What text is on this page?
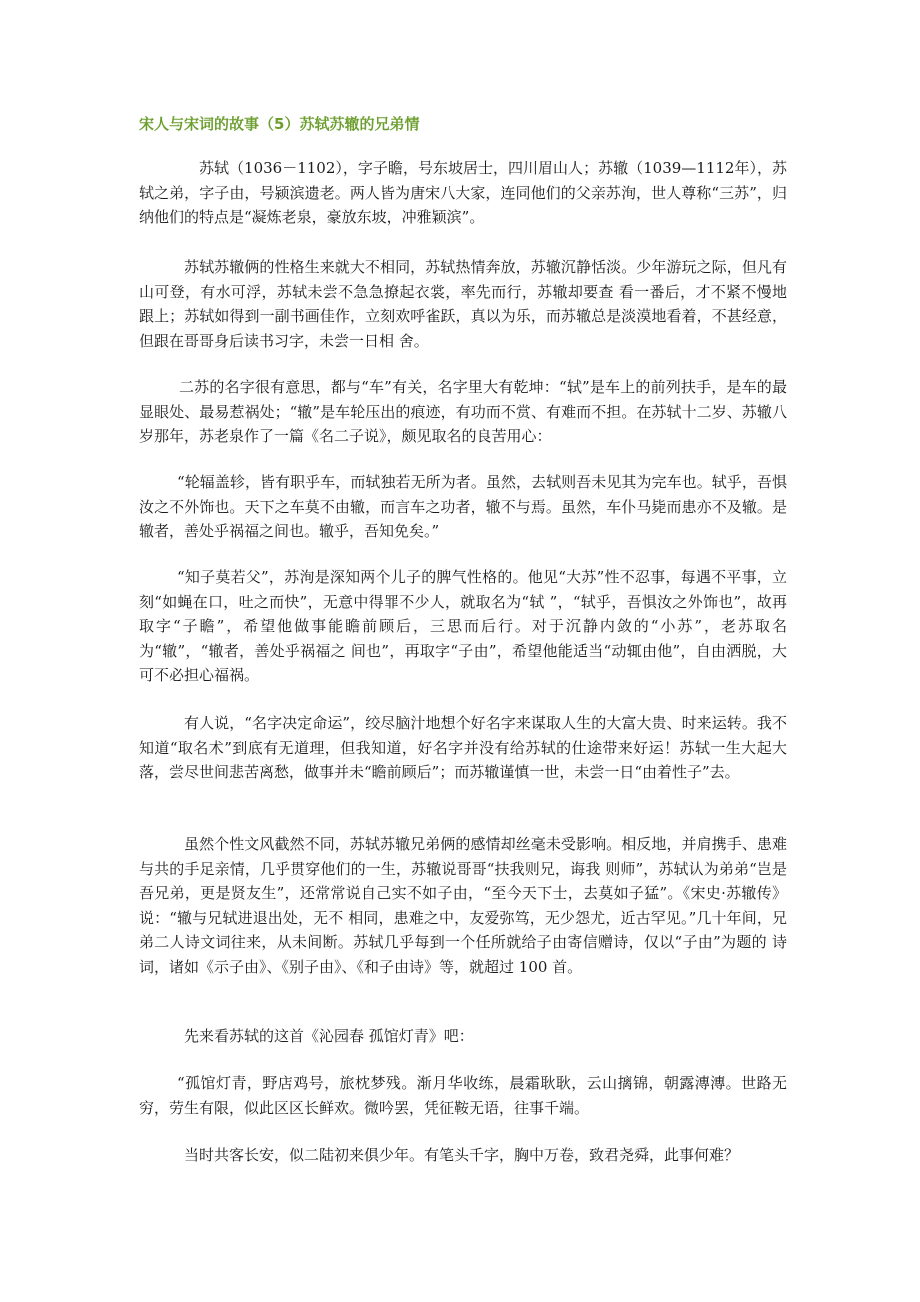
宋人与宋词的故事（5）苏轼苏辙的兄弟情

苏轼（1036－1102），字子瞻，号东坡居士，四川眉山人；苏辙（1039—1112年），苏轼之弟，字子由，号颍滨遗老。两人皆为唐宋八大家，连同他们的父亲苏洵，世人尊称“三苏”，归纳他们的特点是“凝炼老泉，豪放东坡，冲雅颖滨”。

苏轼苏辙俩的性格生来就大不相同，苏轼热情奔放，苏辙沉静恬淡。少年游玩之际，但凡有山可登，有水可浮，苏轼未尝不急急撩起衣裳，率先而行，苏辙却要查 看一番后，才不紧不慢地跟上；苏轼如得到一副书画佳作，立刻欢呼雀跃，真以为乐，而苏辙总是淡漠地看着，不甚经意，但跟在哥哥身后读书习字，未尝一日相 舍。

二苏的名字很有意思，都与“车”有关，名字里大有乾坤：“轼”是车上的前列扶手，是车的最显眼处、最易惹祸处；“辙”是车轮压出的痕迹，有功而不赏、有难而不担。在苏轼十二岁、苏辙八岁那年，苏老泉作了一篇《名二子说》，颇见取名的良苦用心：

“轮辐盖轸，皆有职乎车，而轼独若无所为者。虽然，去轼则吾未见其为完车也。轼乎，吾惧汝之不外饰也。天下之车莫不由辙，而言车之功者，辙不与焉。虽然，车仆马毙而患亦不及辙。是辙者，善处乎祸福之间也。辙乎，吾知免矣。”

“知子莫若父”，苏洵是深知两个儿子的脾气性格的。他见“大苏”性不忍事，每遇不平事，立刻“如蝇在口，吐之而快”，无意中得罪不少人，就取名为“轼 ”，“轼乎，吾惧汝之外饰也”，故再取字“子瞻”，希望他做事能瞻前顾后，三思而后行。对于沉静内敛的“小苏”，老苏取名为“辙”，“辙者，善处乎祸福之 间也”，再取字“子由”，希望他能适当“动辄由他”，自由洒脱，大可不必担心福祸。

有人说，“名字决定命运”，绞尽脑汁地想个好名字来谋取人生的大富大贵、时来运转。我不知道“取名术”到底有无道理，但我知道，好名字并没有给苏轼的仕途带来好运！苏轼一生大起大落，尝尽世间悲苦离愁，做事并未“瞻前顾后”；而苏辙谨慎一世，未尝一日“由着性子”去。

虽然个性文风截然不同，苏轼苏辙兄弟俩的感情却丝毫未受影响。相反地，并肩携手、患难与共的手足亲情，几乎贯穿他们的一生，苏辙说哥哥“扶我则兄，诲我 则师”，苏轼认为弟弟“岂是吾兄弟，更是贤友生”，还常常说自己实不如子由，“至今天下士，去莫如子猛”。《宋史·苏辙传》说：“辙与兄轼进退出处，无不 相同，患难之中，友爱弥笃，无少怨尤，近古罕见。”几十年间，兄弟二人诗文词往来，从未间断。苏轼几乎每到一个任所就给子由寄信赠诗，仅以“子由”为题的 诗词，诸如《示子由》、《别子由》、《和子由诗》等，就超过 100 首。

先来看苏轼的这首《沁园春 孤馆灯青》吧：

“孤馆灯青，野店鸡号，旅枕梦残。渐月华收练，晨霜耿耿，云山摛锦，朝露漙漙。世路无穷，劳生有限，似此区区长鲜欢。微吟罢，凭征鞍无语，往事千端。

当时共客长安，似二陆初来俱少年。有笔头千字，胸中万卷，致君尧舜，此事何难？
